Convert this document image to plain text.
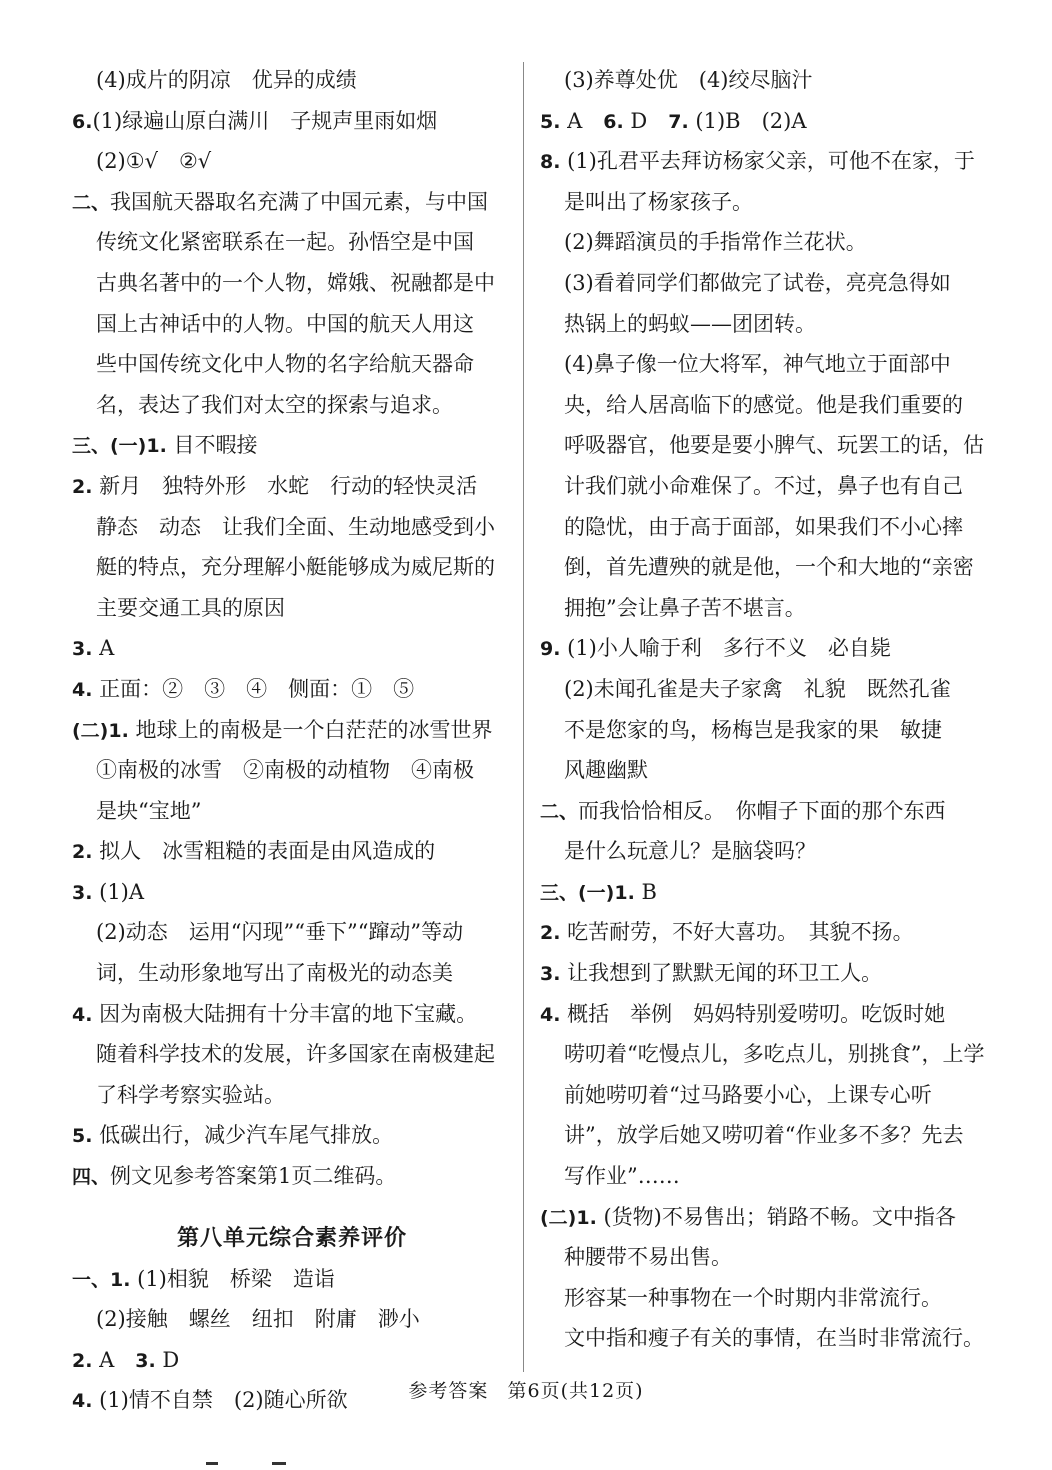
(4)成片的阴凉　优异的成绩
6.(1)绿遍山原白满川　子规声里雨如烟
(2)①√　②√
二、我国航天器取名充满了中国元素，与中国
传统文化紧密联系在一起。孙悟空是中国
古典名著中的一个人物，嫦娥、祝融都是中
国上古神话中的人物。中国的航天人用这
些中国传统文化中人物的名字给航天器命
名，表达了我们对太空的探索与追求。
三、(一)1. 目不暇接
2. 新月　独特外形　水蛇　行动的轻快灵活
静态　动态　让我们全面、生动地感受到小
艇的特点，充分理解小艇能够成为威尼斯的
主要交通工具的原因
3. A
4. 正面：②　③　④　侧面：①　⑤
(二)1. 地球上的南极是一个白茫茫的冰雪世界
①南极的冰雪　②南极的动植物　④南极
是块“宝地”
2. 拟人　冰雪粗糙的表面是由风造成的
3. (1)A
(2)动态　运用“闪现”“垂下”“蹿动”等动
词，生动形象地写出了南极光的动态美
4. 因为南极大陆拥有十分丰富的地下宝藏。
随着科学技术的发展，许多国家在南极建起
了科学考察实验站。
5. 低碳出行，减少汽车尾气排放。
四、例文见参考答案第1页二维码。
第八单元综合素养评价
一、1. (1)相貌　桥梁　造诣
(2)接触　螺丝　纽扣　附庸　渺小
2. A　3. D
4. (1)情不自禁　(2)随心所欲
(3)养尊处优　(4)绞尽脑汁
5. A　6. D　7. (1)B　(2)A
8. (1)孔君平去拜访杨家父亲，可他不在家，于
是叫出了杨家孩子。
(2)舞蹈演员的手指常作兰花状。
(3)看着同学们都做完了试卷，亮亮急得如
热锅上的蚂蚁——团团转。
(4)鼻子像一位大将军，神气地立于面部中
央，给人居高临下的感觉。他是我们重要的
呼吸器官，他要是要小脾气、玩罢工的话，估
计我们就小命难保了。不过，鼻子也有自己
的隐忧，由于高于面部，如果我们不小心摔
倒，首先遭殃的就是他，一个和大地的“亲密
拥抱”会让鼻子苦不堪言。
9. (1)小人喻于利　多行不义　必自毙
(2)未闻孔雀是夫子家禽　礼貌　既然孔雀
不是您家的鸟，杨梅岂是我家的果　敏捷
风趣幽默
二、而我恰恰相反。　你帽子下面的那个东西
是什么玩意儿？是脑袋吗？
三、(一)1. B
2. 吃苦耐劳，不好大喜功。　其貌不扬。
3. 让我想到了默默无闻的环卫工人。
4. 概括　举例　妈妈特别爱唠叨。吃饭时她
唠叨着“吃慢点儿，多吃点儿，别挑食”，上学
前她唠叨着“过马路要小心，上课专心听
讲”，放学后她又唠叨着“作业多不多？先去
写作业”……
(二)1. (货物)不易售出；销路不畅。文中指各
种腰带不易出售。
形容某一种事物在一个时期内非常流行。
文中指和瘦子有关的事情，在当时非常流行。
参考答案 第6页(共12页)
